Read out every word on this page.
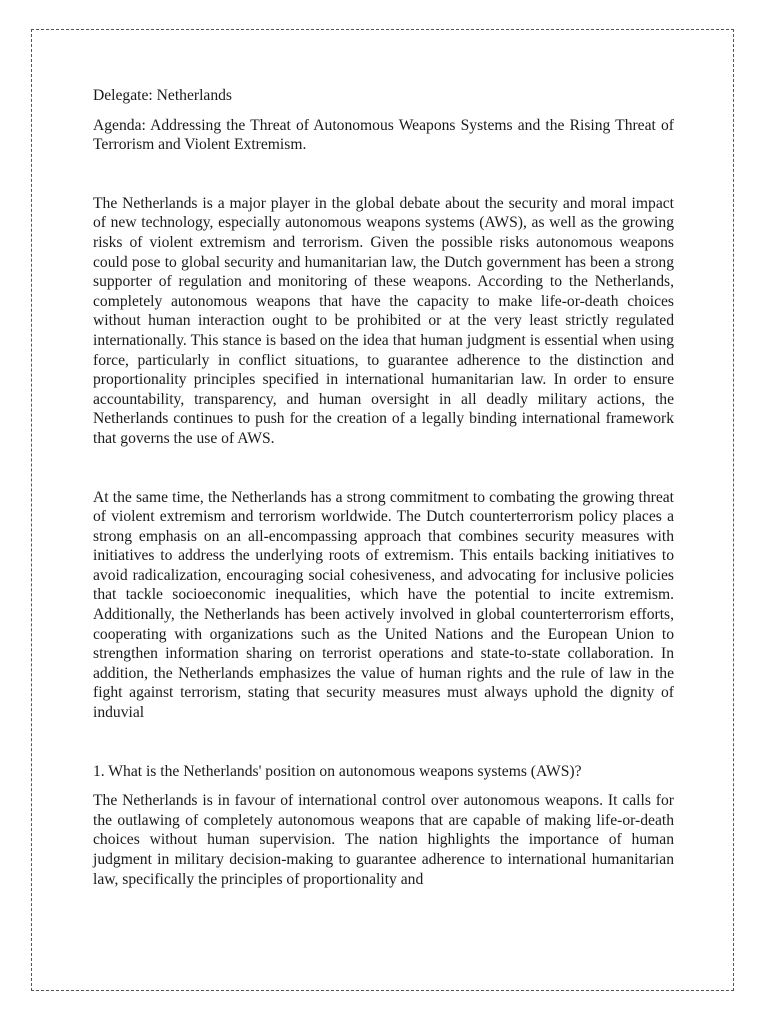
Delegate: Netherlands

Agenda: Addressing the Threat of Autonomous Weapons Systems and the Rising Threat of Terrorism and Violent Extremism.

The Netherlands is a major player in the global debate about the security and moral impact of new technology, especially autonomous weapons systems (AWS), as well as the growing risks of violent extremism and terrorism. Given the possible risks autonomous weapons could pose to global security and humanitarian law, the Dutch government has been a strong supporter of regulation and monitoring of these weapons. According to the Netherlands, completely autonomous weapons that have the capacity to make life-or-death choices without human interaction ought to be prohibited or at the very least strictly regulated internationally. This stance is based on the idea that human judgment is essential when using force, particularly in conflict situations, to guarantee adherence to the distinction and proportionality principles specified in international humanitarian law. In order to ensure accountability, transparency, and human oversight in all deadly military actions, the Netherlands continues to push for the creation of a legally binding international framework that governs the use of AWS.

At the same time, the Netherlands has a strong commitment to combating the growing threat of violent extremism and terrorism worldwide. The Dutch counterterrorism policy places a strong emphasis on an all-encompassing approach that combines security measures with initiatives to address the underlying roots of extremism. This entails backing initiatives to avoid radicalization, encouraging social cohesiveness, and advocating for inclusive policies that tackle socioeconomic inequalities, which have the potential to incite extremism. Additionally, the Netherlands has been actively involved in global counterterrorism efforts, cooperating with organizations such as the United Nations and the European Union to strengthen information sharing on terrorist operations and state-to-state collaboration. In addition, the Netherlands emphasizes the value of human rights and the rule of law in the fight against terrorism, stating that security measures must always uphold the dignity of induvial

1. What is the Netherlands' position on autonomous weapons systems (AWS)?

The Netherlands is in favour of international control over autonomous weapons. It calls for the outlawing of completely autonomous weapons that are capable of making life-or-death choices without human supervision. The nation highlights the importance of human judgment in military decision-making to guarantee adherence to international humanitarian law, specifically the principles of proportionality and
